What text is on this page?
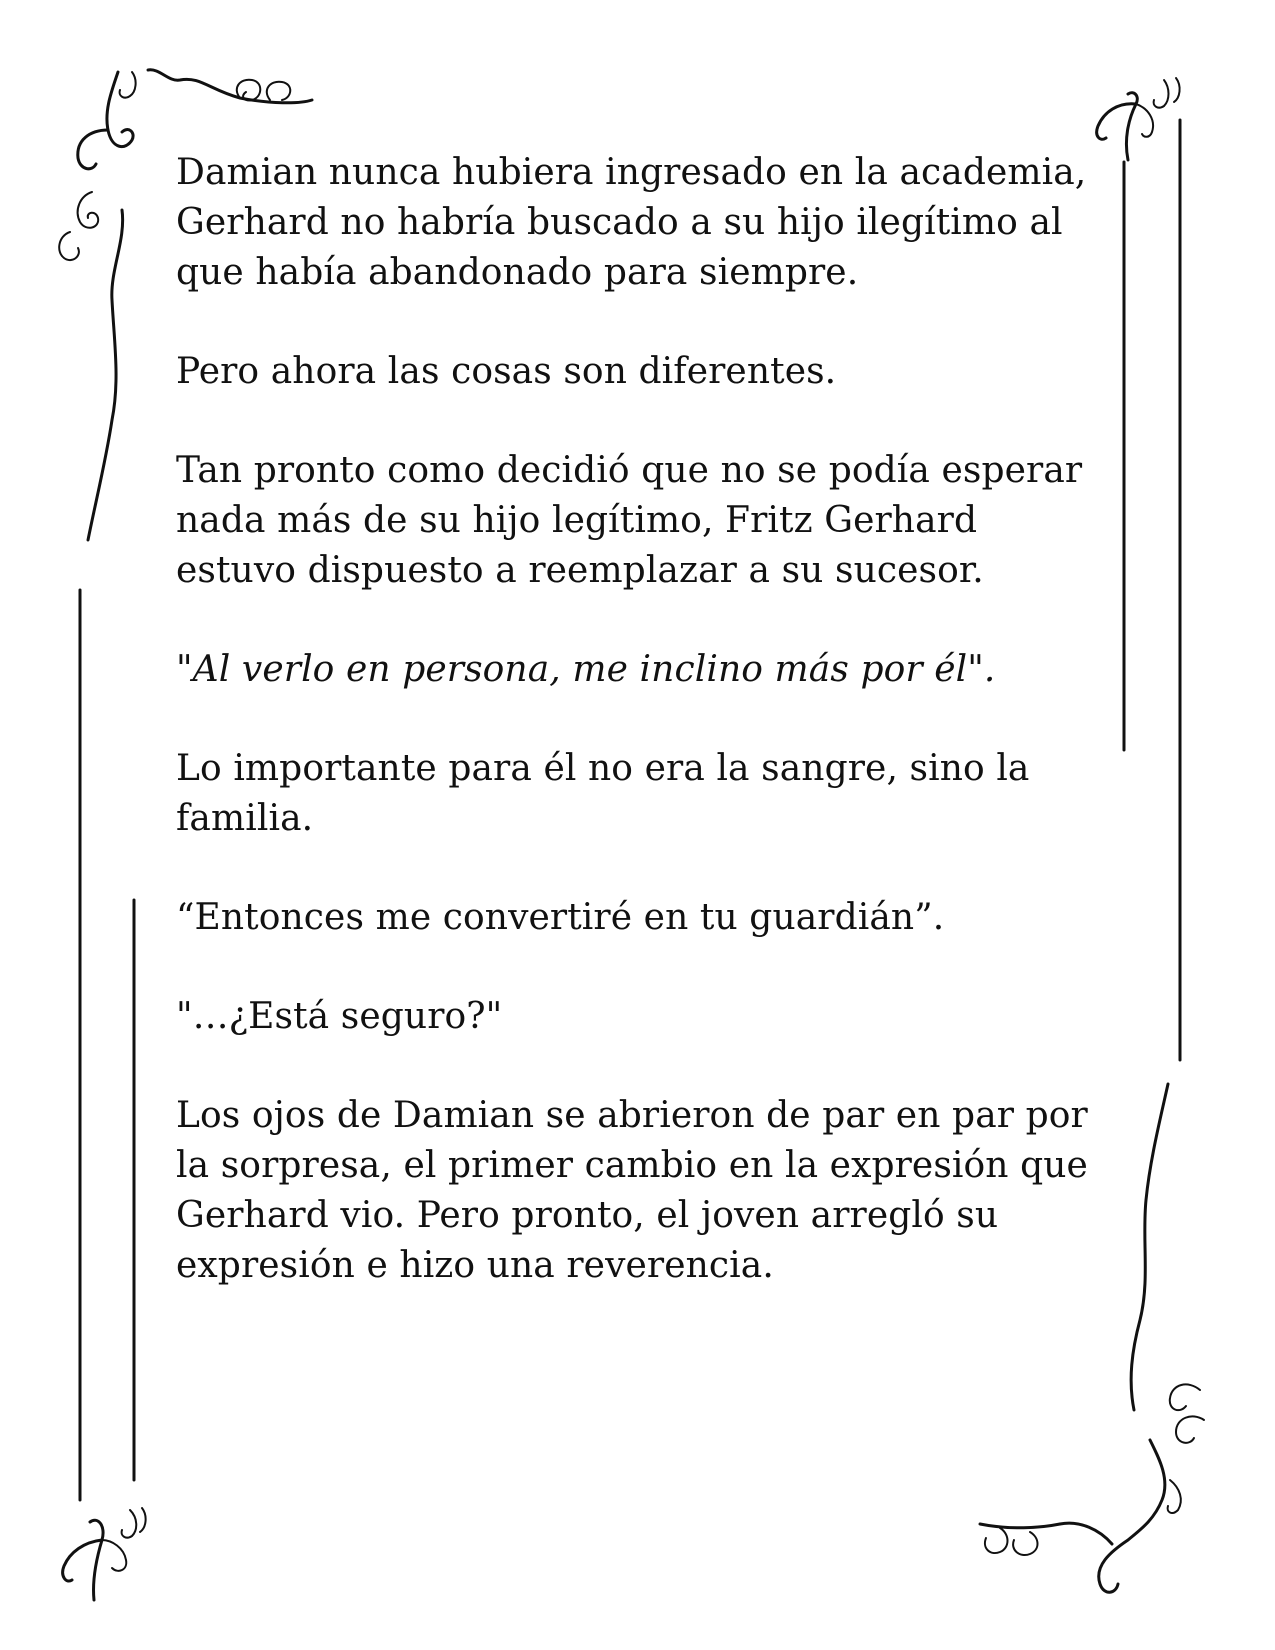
Damian nunca hubiera ingresado en la academia, Gerhard no habría buscado a su hijo ilegítimo al que había abandonado para siempre.

Pero ahora las cosas son diferentes.

Tan pronto como decidió que no se podía esperar nada más de su hijo legítimo, Fritz Gerhard estuvo dispuesto a reemplazar a su sucesor.

"Al verlo en persona, me inclino más por él".

Lo importante para él no era la sangre, sino la familia.

“Entonces me convertiré en tu guardián”.

"…¿Está seguro?"

Los ojos de Damian se abrieron de par en par por la sorpresa, el primer cambio en la expresión que Gerhard vio. Pero pronto, el joven arregló su expresión e hizo una reverencia.
